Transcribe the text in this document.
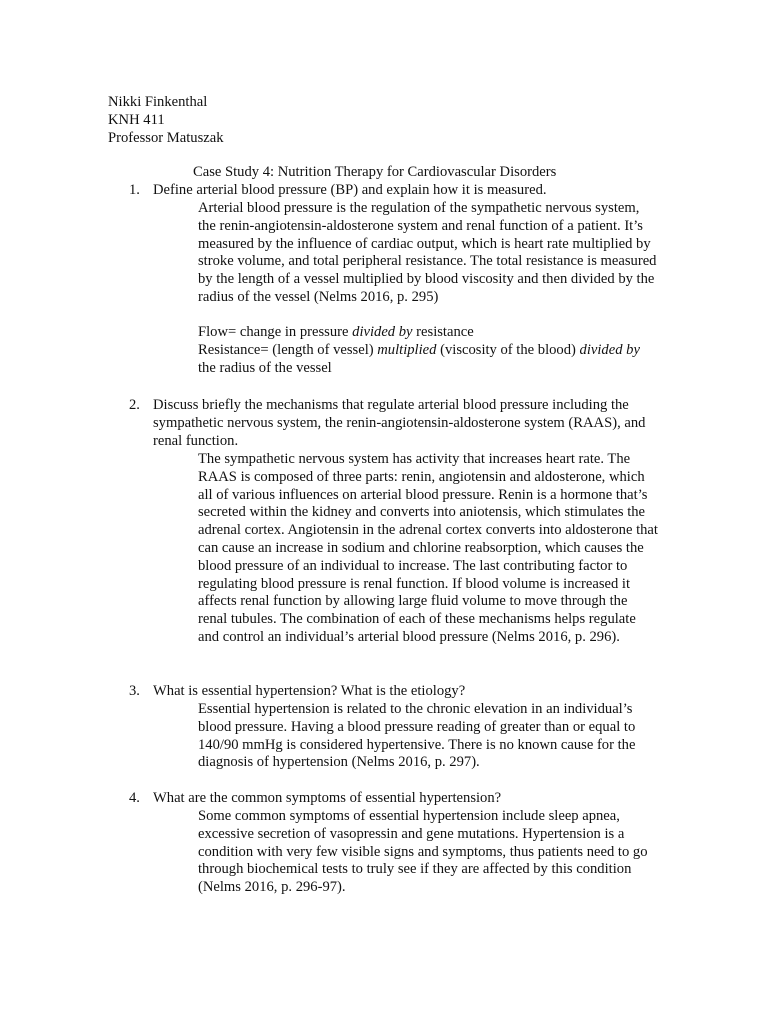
Nikki Finkenthal
KNH 411
Professor Matuszak
Case Study 4: Nutrition Therapy for Cardiovascular Disorders
1. Define arterial blood pressure (BP) and explain how it is measured.

Arterial blood pressure is the regulation of the sympathetic nervous system, the renin-angiotensin-aldosterone system and renal function of a patient. It’s measured by the influence of cardiac output, which is heart rate multiplied by stroke volume, and total peripheral resistance. The total resistance is measured by the length of a vessel multiplied by blood viscosity and then divided by the radius of the vessel (Nelms 2016, p. 295)

Flow= change in pressure divided by resistance

Resistance= (length of vessel) multiplied (viscosity of the blood) divided by

the radius of the vessel

2. Discuss briefly the mechanisms that regulate arterial blood pressure including the sympathetic nervous system, the renin-angiotensin-aldosterone system (RAAS), and renal function.

The sympathetic nervous system has activity that increases heart rate. The RAAS is composed of three parts: renin, angiotensin and aldosterone, which all of various influences on arterial blood pressure. Renin is a hormone that’s secreted within the kidney and converts into aniotensis, which stimulates the adrenal cortex. Angiotensin in the adrenal cortex converts into aldosterone that can cause an increase in sodium and chlorine reabsorption, which causes the blood pressure of an individual to increase. The last contributing factor to regulating blood pressure is renal function. If blood volume is increased it affects renal function by allowing large fluid volume to move through the renal tubules. The combination of each of these mechanisms helps regulate and control an individual’s arterial blood pressure (Nelms 2016, p. 296).

3. What is essential hypertension? What is the etiology?

Essential hypertension is related to the chronic elevation in an individual’s blood pressure. Having a blood pressure reading of greater than or equal to 140/90 mmHg is considered hypertensive. There is no known cause for the diagnosis of hypertension (Nelms 2016, p. 297).

4. What are the common symptoms of essential hypertension?

Some common symptoms of essential hypertension include sleep apnea, excessive secretion of vasopressin and gene mutations. Hypertension is a condition with very few visible signs and symptoms, thus patients need to go through biochemical tests to truly see if they are affected by this condition (Nelms 2016, p. 296-97).
